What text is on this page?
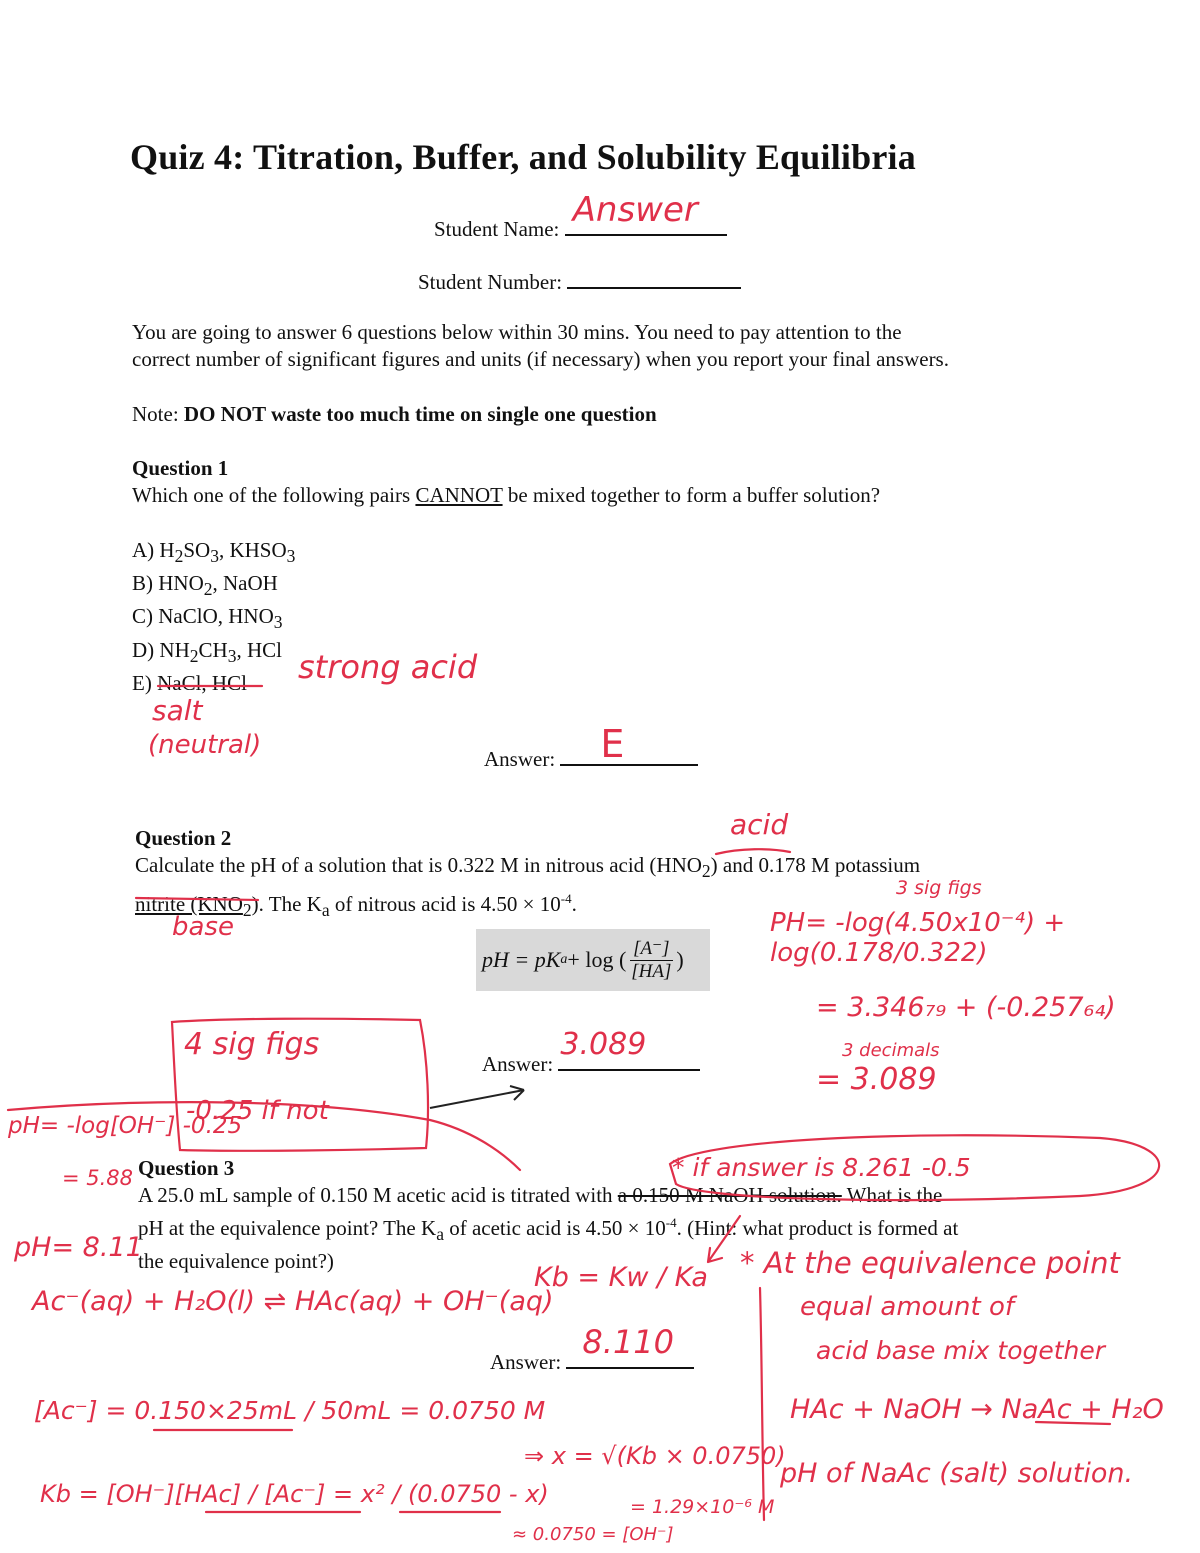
Quiz 4: Titration, Buffer, and Solubility Equilibria
Student Name: Answer
Student Number:
You are going to answer 6 questions below within 30 mins. You need to pay attention to the
correct number of significant figures and units (if necessary) when you report your final answers.
Note: DO NOT waste too much time on single one question
Question 1
Which one of the following pairs CANNOT be mixed together to form a buffer solution?
A) $H_2SO_3$, $KHSO_3$
B) $HNO_2$, NaOH
C) NaClO, $HNO_3$
D) $NH_2CH_3$, HCl
E) NaCl, HCl
Answer: E
strong acid
salt
(neutral)
Question 2
Calculate the pH of a solution that is 0.322 M in nitrous acid $(HNO_2)$ and 0.178 M potassium
nitrite $(KNO_2)$. The $K_a$ of nitrous acid is $4.50 \times 10^{-4}$.
pH = pK a + log ( $\frac{[A^-]}{[HA]}$ )
Answer:
3.089
acid
base
3 sig figs
PH= -log(4.50x10⁻⁴) + log(0.178/0.322)
= 3.346₇₉ + (-0.257₆₄)
3 decimals
= 3.089
4 sig figs
-0.25 if not
pH= -log[OH⁻] -0.25
= 5.88
pH= 8.11
Question 3
A 25.0 mL sample of 0.150 M acetic acid is titrated with a 0.150 M NaOH solution. What is the
pH at the equivalence point? The $K_a$ of acetic acid is $4.50 \times 10^{-4}$. (Hint: what product is formed at
the equivalence point?)
* if answer is 8.261 -0.5
Answer:
8.110
Ac⁻(aq) + H₂O(l) ⇌ HAc(aq) + OH⁻(aq)
Kb = Kw / Ka * At the equivalence point
equal amount of
acid base mix together
HAc + NaOH → NaAc + H₂O
pH of NaAc (salt) solution.
[Ac⁻] = 0.150×25mL / 50mL = 0.0750 M
Kb = [OH⁻][HAc] / [Ac⁻] = x² / (0.0750 - x)
⇒ x = √(Kb × 0.0750)
= 1.29×10⁻⁶ M
≈ 0.0750 = [OH⁻]
